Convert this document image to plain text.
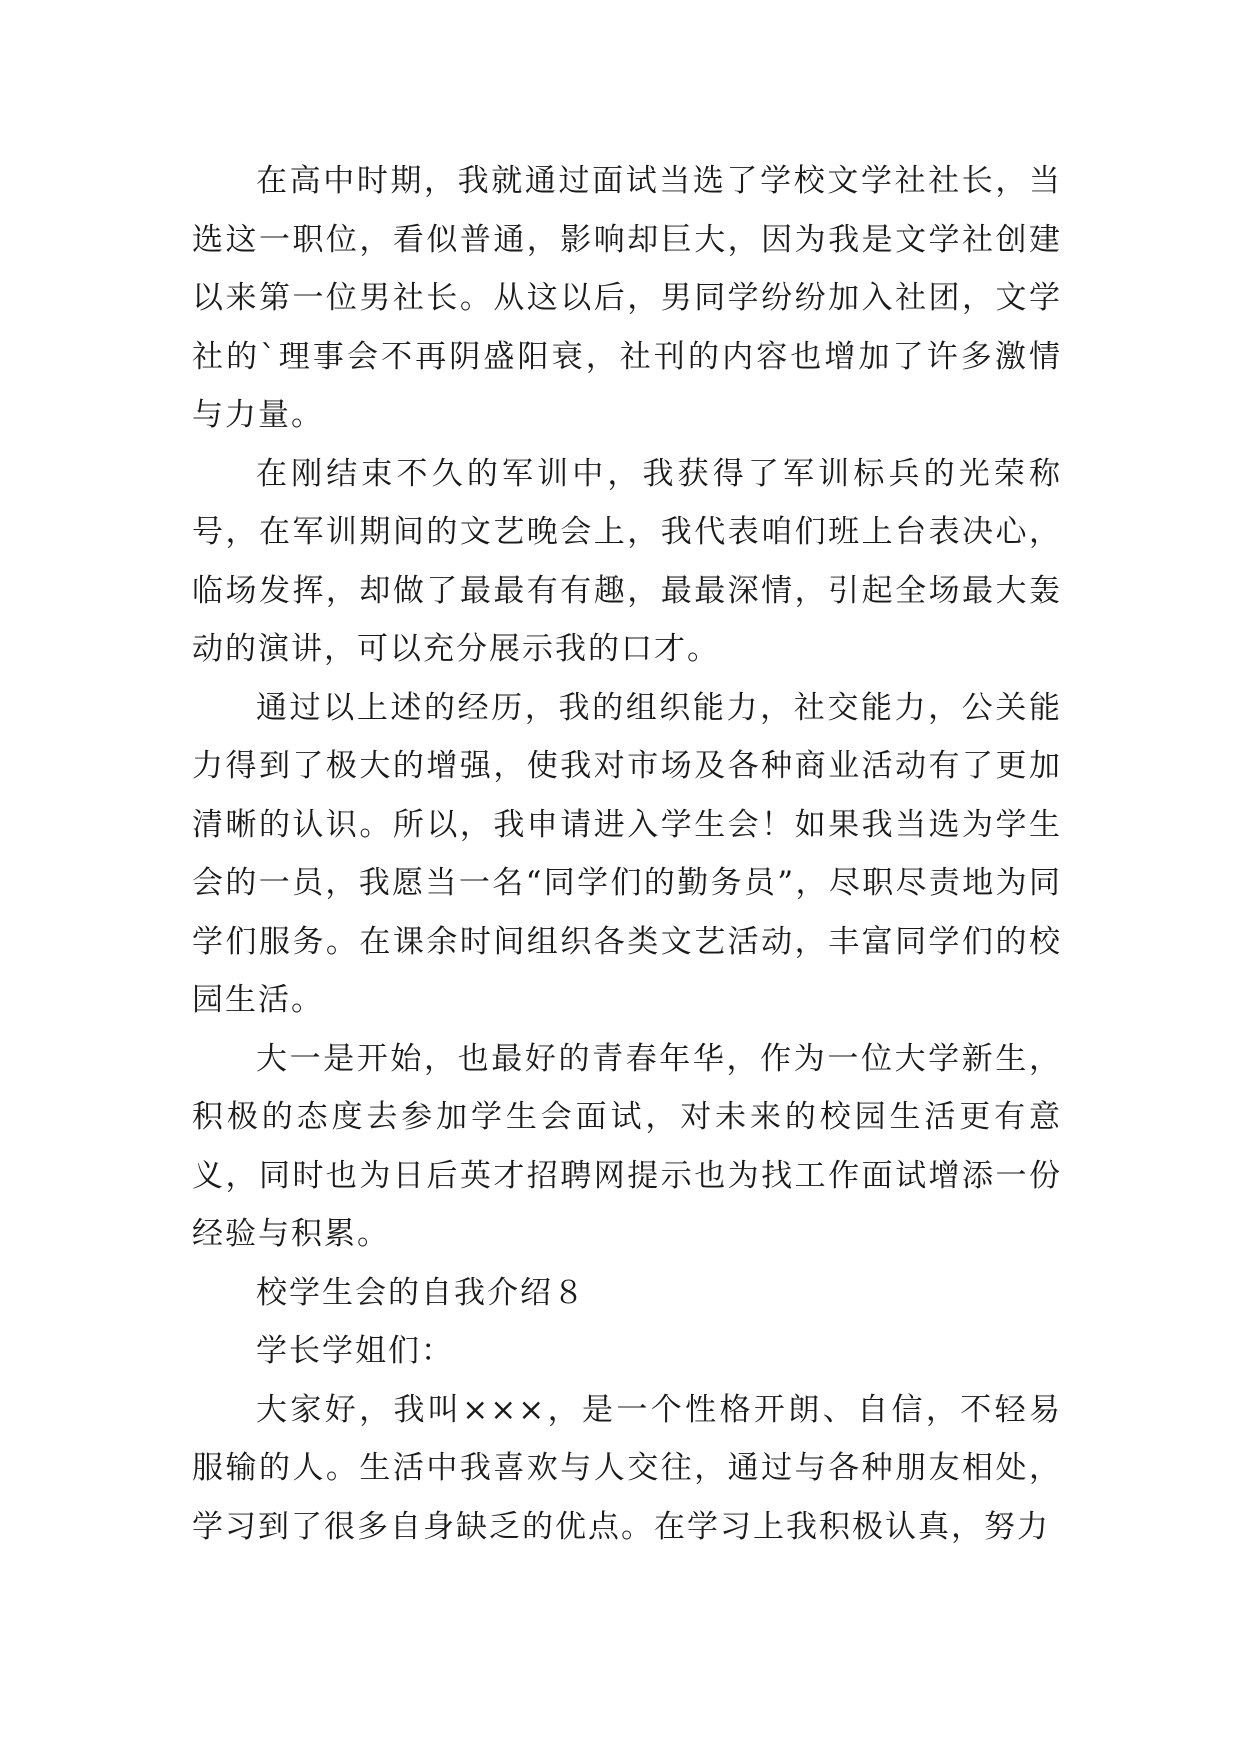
在高中时期，我就通过面试当选了学校文学社社长，当选这一职位，看似普通，影响却巨大，因为我是文学社创建以来第一位男社长。从这以后，男同学纷纷加入社团，文学社的`理事会不再阴盛阳衰，社刊的内容也增加了许多激情与力量。

在刚结束不久的军训中，我获得了军训标兵的光荣称号，在军训期间的文艺晚会上，我代表咱们班上台表决心，临场发挥，却做了最最有有趣，最最深情，引起全场最大轰动的演讲，可以充分展示我的口才。

通过以上述的经历，我的组织能力，社交能力，公关能力得到了极大的增强，使我对市场及各种商业活动有了更加清晰的认识。所以，我申请进入学生会！如果我当选为学生会的一员，我愿当一名“同学们的勤务员”，尽职尽责地为同学们服务。在课余时间组织各类文艺活动，丰富同学们的校园生活。

大一是开始，也最好的青春年华，作为一位大学新生，积极的态度去参加学生会面试，对未来的校园生活更有意义，同时也为日后英才招聘网提示也为找工作面试增添一份经验与积累。

校学生会的自我介绍８

学长学姐们：

大家好，我叫×××，是一个性格开朗、自信，不轻易服输的人。生活中我喜欢与人交往，通过与各种朋友相处，学习到了很多自身缺乏的优点。在学习上我积极认真，努力
